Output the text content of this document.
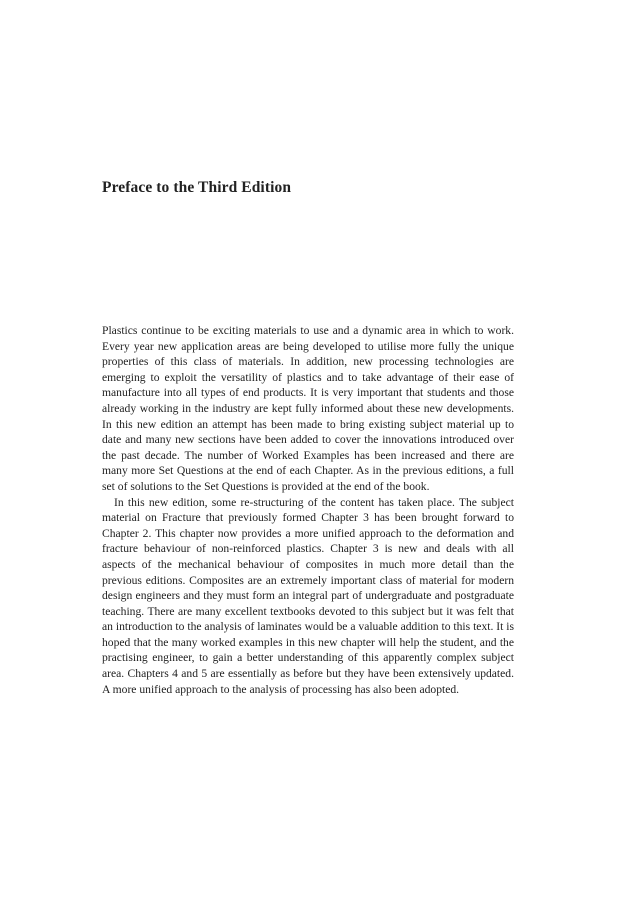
Preface to the Third Edition

Plastics continue to be exciting materials to use and a dynamic area in which to work. Every year new application areas are being developed to utilise more fully the unique properties of this class of materials. In addition, new processing technologies are emerging to exploit the versatility of plastics and to take advantage of their ease of manufacture into all types of end products. It is very important that students and those already working in the industry are kept fully informed about these new developments. In this new edition an attempt has been made to bring existing subject material up to date and many new sections have been added to cover the innovations introduced over the past decade. The number of Worked Examples has been increased and there are many more Set Questions at the end of each Chapter. As in the previous editions, a full set of solutions to the Set Questions is provided at the end of the book.

In this new edition, some re-structuring of the content has taken place. The subject material on Fracture that previously formed Chapter 3 has been brought forward to Chapter 2. This chapter now provides a more unified approach to the deformation and fracture behaviour of non-reinforced plastics. Chapter 3 is new and deals with all aspects of the mechanical behaviour of composites in much more detail than the previous editions. Composites are an extremely important class of material for modern design engineers and they must form an integral part of undergraduate and postgraduate teaching. There are many excellent textbooks devoted to this subject but it was felt that an introduction to the analysis of laminates would be a valuable addition to this text. It is hoped that the many worked examples in this new chapter will help the student, and the practising engineer, to gain a better understanding of this apparently complex subject area. Chapters 4 and 5 are essentially as before but they have been extensively updated. A more unified approach to the analysis of processing has also been adopted.
